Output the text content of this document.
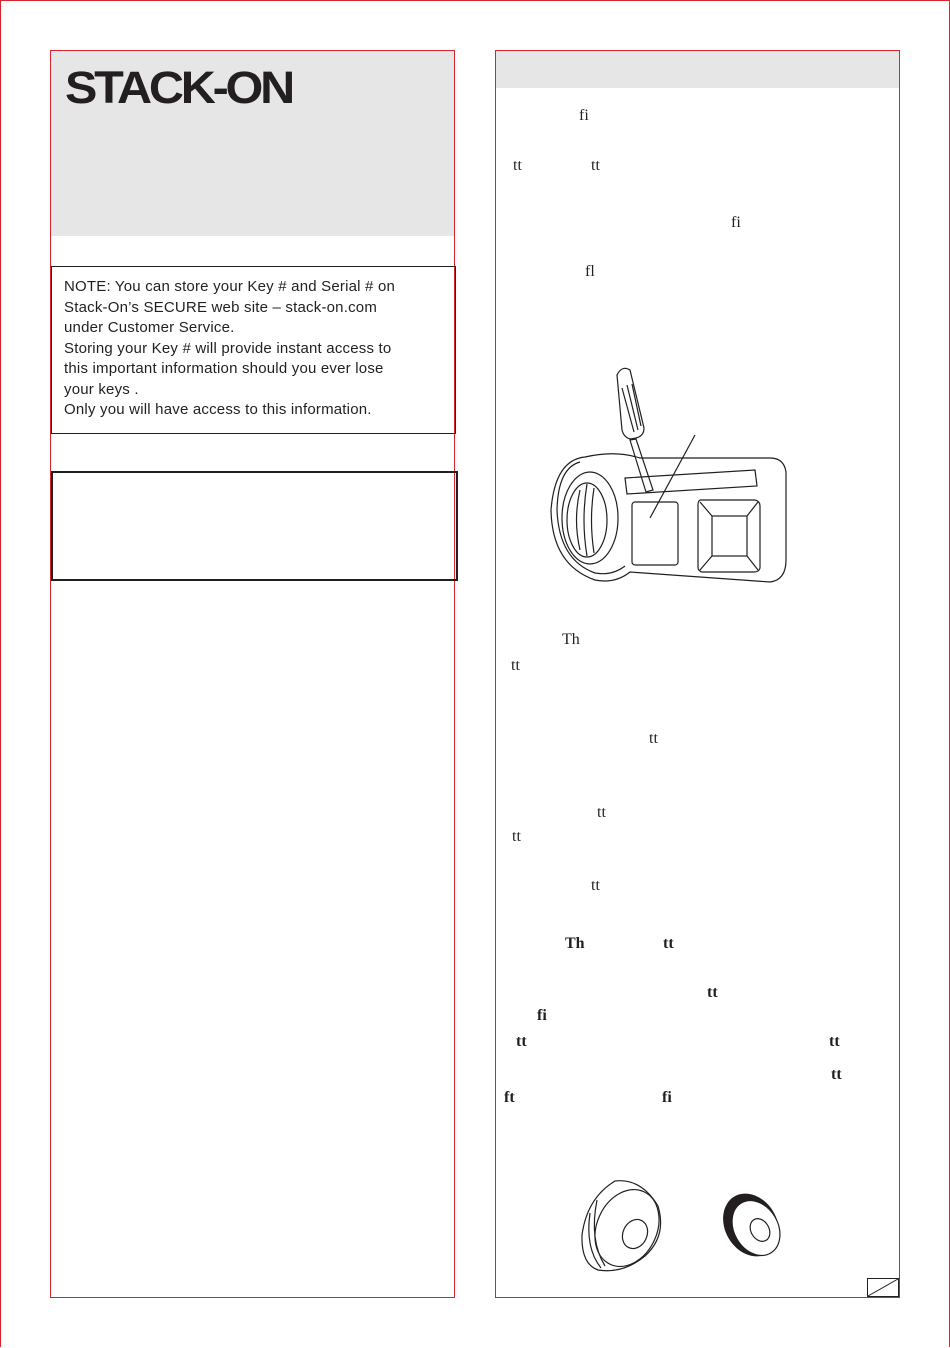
STACK-ON

NOTE: You can store your Key # and Serial # on

Stack-On’s SECURE web site – stack-on.com

under Customer Service.

Storing your Key # will provide instant access to

this important information should you ever lose

your keys .

Only you will have access to this information.

fi
tt	tt
fi
fl
Th
tt
tt
tt
tt
tt
Th	tt
tt
fi
tt	tt
tt
ft	fi
